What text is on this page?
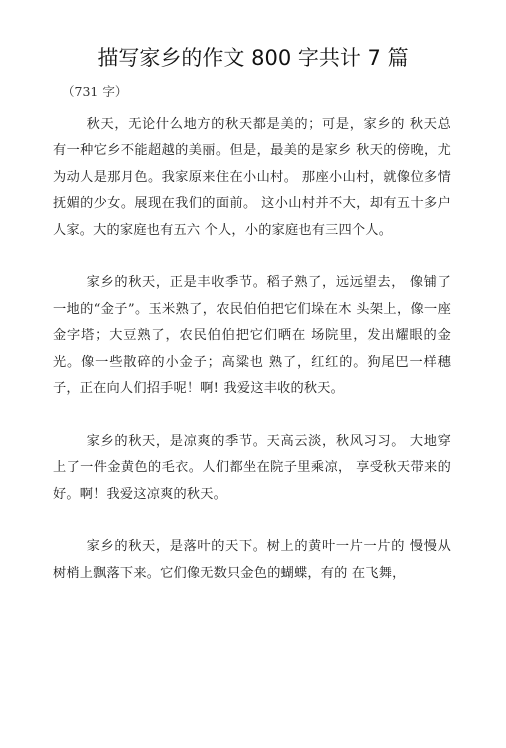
描写家乡的作文 800 字共计 7 篇
（731 字）

秋天，无论什么地方的秋天都是美的；可是，家乡的 秋天总有一种它乡不能超越的美丽。但是，最美的是家乡 秋天的傍晚，尤为动人是那月色。我家原来住在小山村。 那座小山村，就像位多情抚媚的少女。展现在我们的面前。 这小山村并不大，却有五十多户人家。大的家庭也有五六 个人，小的家庭也有三四个人。

家乡的秋天，正是丰收季节。稻子熟了，远远望去， 像铺了一地的“金子”。玉米熟了，农民伯伯把它们垛在木 头架上，像一座金字塔；大豆熟了，农民伯伯把它们晒在 场院里，发出耀眼的金光。像一些散碎的小金子；高粱也 熟了，红红的。狗尾巴一样穗子，正在向人们招手呢！啊! 我爱这丰收的秋天。

家乡的秋天，是凉爽的季节。天高云淡，秋风习习。 大地穿上了一件金黄色的毛衣。人们都坐在院子里乘凉， 享受秋天带来的好。啊！我爱这凉爽的秋天。

家乡的秋天，是落叶的天下。树上的黄叶一片一片的 慢慢从树梢上飘落下来。它们像无数只金色的蝴蝶，有的 在飞舞，
